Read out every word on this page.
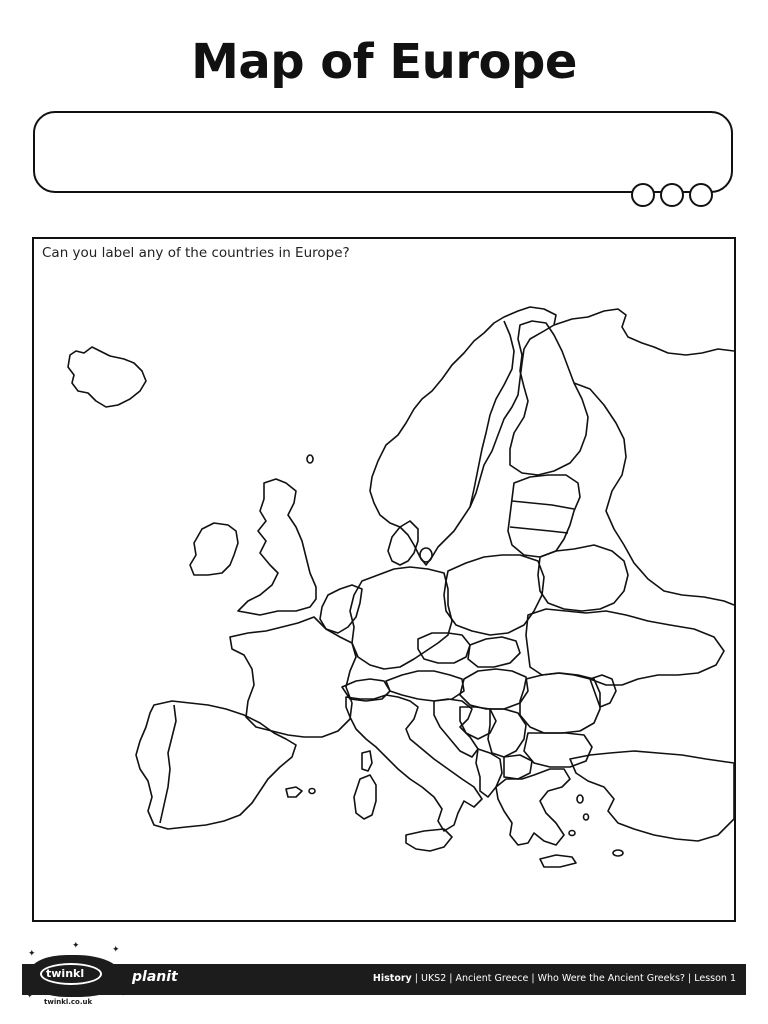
Map of Europe
Can you label any of the countries in Europe?
twinkl
twinkl.co.uk
✦
✦	✦
✦
✦
planit	History | UKS2 | Ancient Greece | Who Were the Ancient Greeks? | Lesson 1
